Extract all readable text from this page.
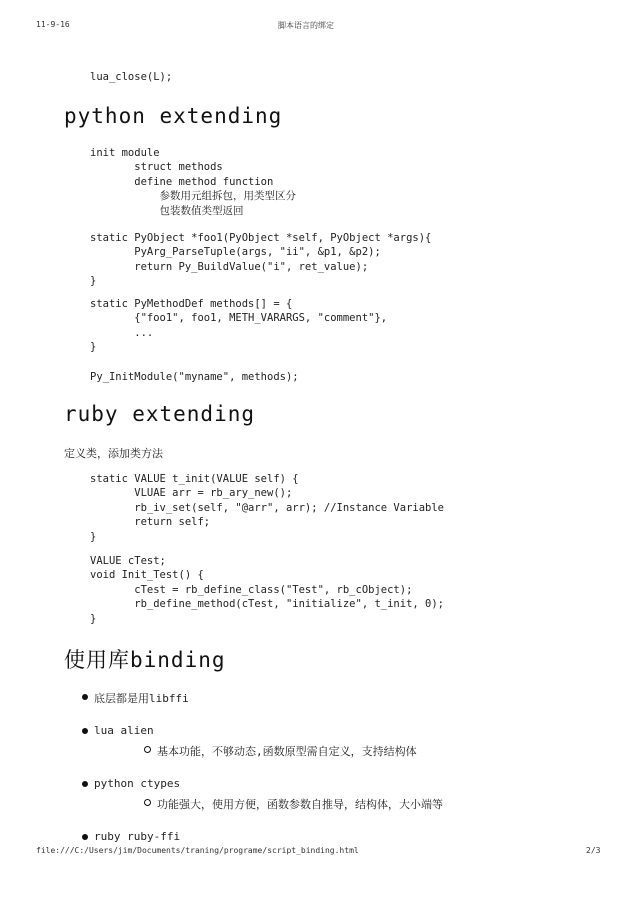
11-9-16	脚本语言的绑定
lua_close(L);
python extending
init module
struct methods
define method function
参数用元组拆包，用类型区分
包装数值类型返回
static PyObject *foo1(PyObject *self, PyObject *args){
PyArg_ParseTuple(args, "ii", &p1, &p2);
return Py_BuildValue("i", ret_value);
}
static PyMethodDef methods[] = {
{"foo1", foo1, METH_VARARGS, "comment"},
...
}
Py_InitModule("myname", methods);
ruby extending

定义类，添加类方法

static VALUE t_init(VALUE self) {
VLUAE arr = rb_ary_new();
rb_iv_set(self, "@arr", arr); //Instance Variable
return self;
}
VALUE cTest;
void Init_Test() {
cTest = rb_define_class("Test", rb_cObject);
rb_define_method(cTest, "initialize", t_init, 0);
}
使用库binding
底层都是用libffi
lua alien
基本功能，不够动态,函数原型需自定义，支持结构体
python ctypes
功能强大，使用方便，函数参数自推导，结构体，大小端等
ruby ruby-ffi
file:///C:/Users/jim/Documents/traning/programe/script_binding.html	2/3
